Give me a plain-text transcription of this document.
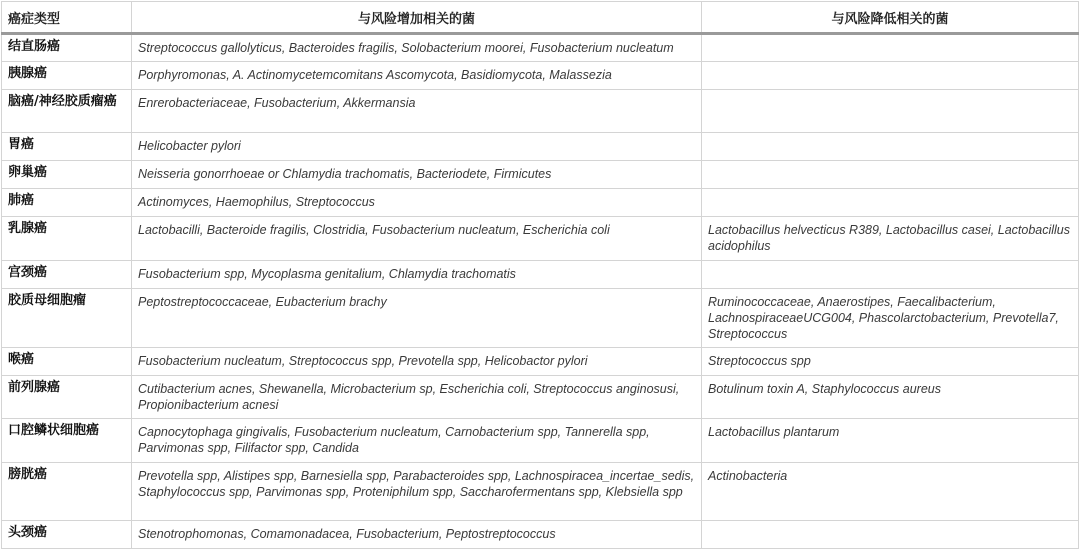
癌症类型	与风险增加相关的菌	与风险降低相关的菌
结直肠癌	Streptococcus gallolyticus, Bacteroides fragilis, Solobacterium moorei, Fusobacterium nucleatum	
胰腺癌	Porphyromonas, A. Actinomycetemcomitans Ascomycota, Basidiomycota, Malassezia	
脑癌/神经胶质瘤癌	Enrerobacteriaceae, Fusobacterium, Akkermansia	
胃癌	Helicobacter pylori	
卵巢癌	Neisseria gonorrhoeae or Chlamydia trachomatis, Bacteriodete, Firmicutes	
肺癌	Actinomyces, Haemophilus, Streptococcus	
乳腺癌	Lactobacilli, Bacteroide fragilis, Clostridia, Fusobacterium nucleatum, Escherichia coli	Lactobacillus helvecticus R389, Lactobacillus casei, Lactobacillus acidophilus
宫颈癌	Fusobacterium spp, Mycoplasma genitalium, Chlamydia trachomatis	
胶质母细胞瘤	Peptostreptococcaceae, Eubacterium brachy	Ruminococcaceae, Anaerostipes, Faecalibacterium, LachnospiraceaeUCG004, Phascolarctobacterium, Prevotella7, Streptococcus
喉癌	Fusobacterium nucleatum, Streptococcus spp, Prevotella spp, Helicobactor pylori	Streptococcus spp
前列腺癌	Cutibacterium acnes, Shewanella, Microbacterium sp, Escherichia coli, Streptococcus anginosusi, Propionibacterium acnesi	Botulinum toxin A, Staphylococcus aureus
口腔鳞状细胞癌	Capnocytophaga gingivalis, Fusobacterium nucleatum, Carnobacterium spp, Tannerella spp, Parvimonas spp, Filifactor spp, Candida	Lactobacillus plantarum
膀胱癌	Prevotella spp, Alistipes spp, Barnesiella spp, Parabacteroides spp, Lachnospiracea_incertae_sedis, Staphylococcus spp, Parvimonas spp, Proteniphilum spp, Saccharofermentans spp, Klebsiella spp	Actinobacteria
头颈癌	Stenotrophomonas, Comamonadacea, Fusobacterium, Peptostreptococcus	
